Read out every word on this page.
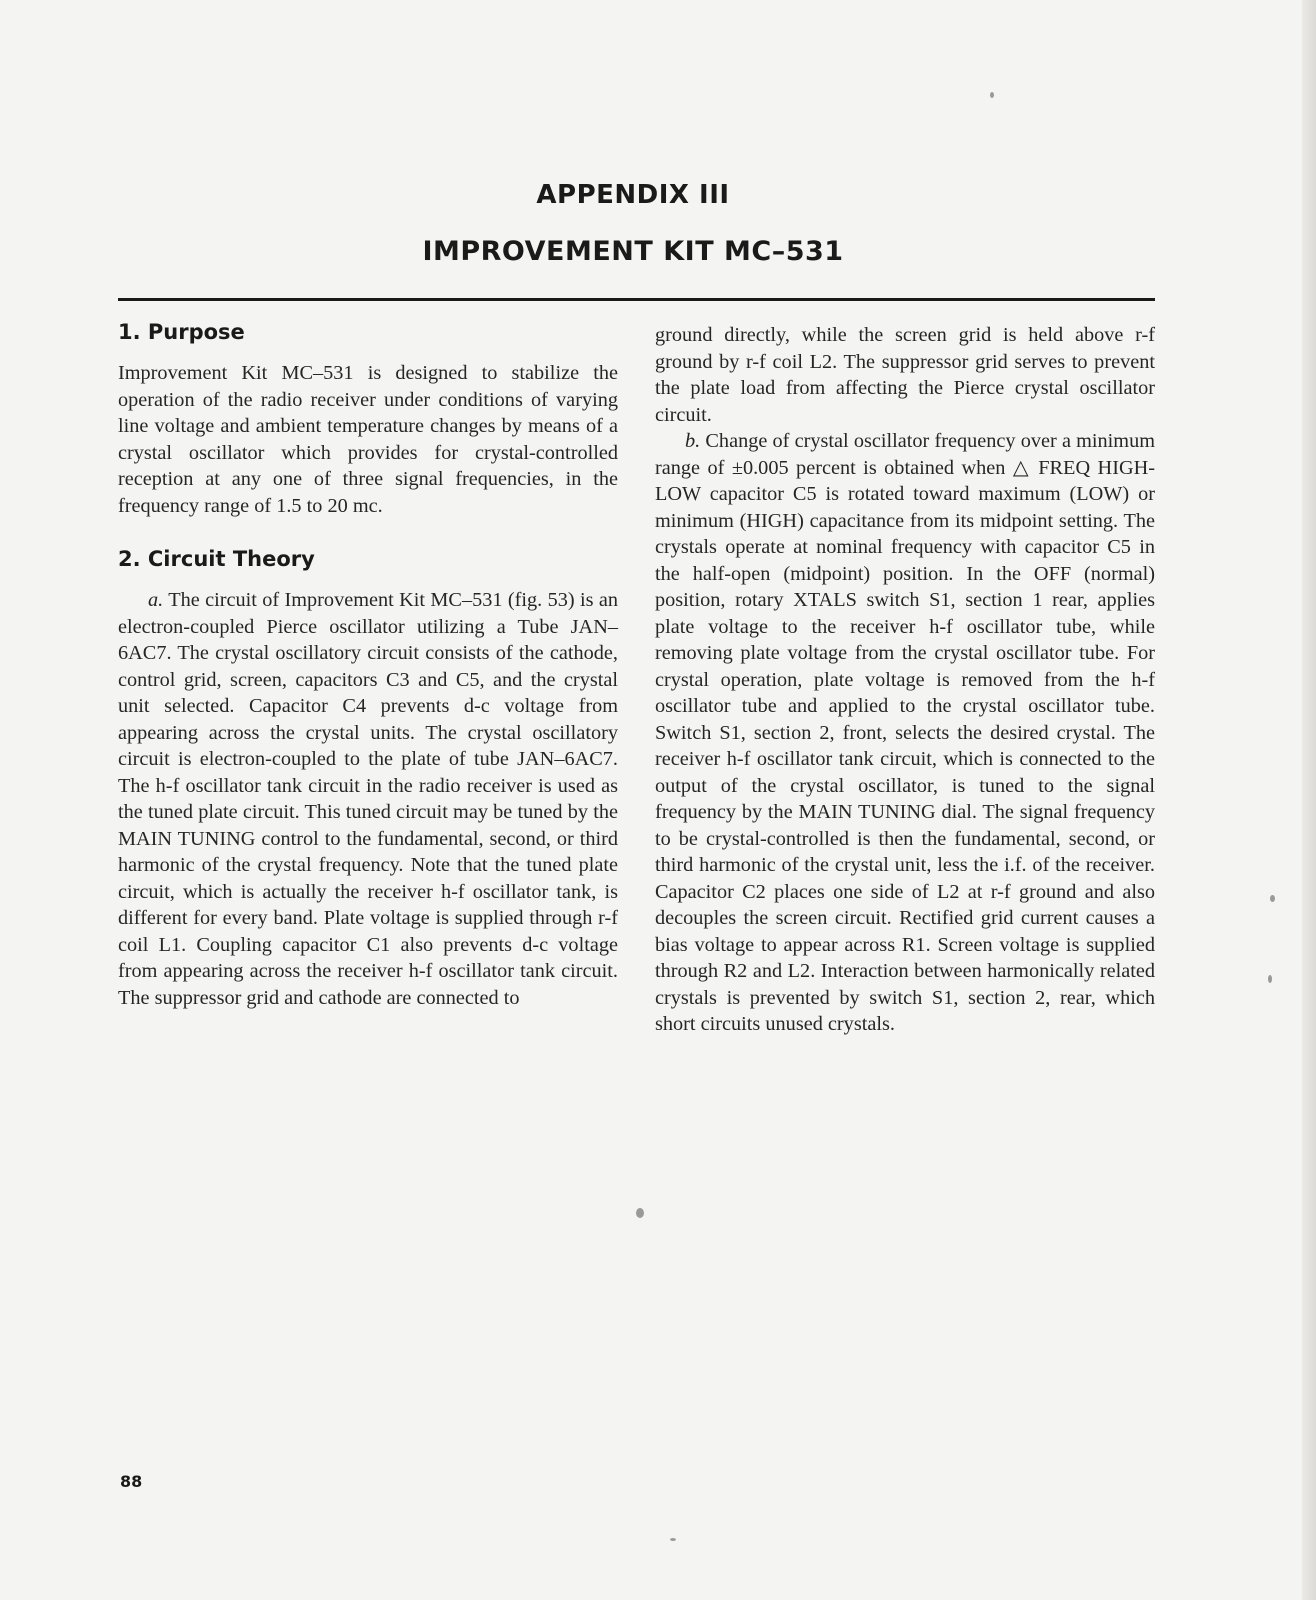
APPENDIX III
IMPROVEMENT KIT MC–531
1. Purpose

Improvement Kit MC–531 is designed to stabilize the operation of the radio receiver under conditions of varying line voltage and ambient temperature changes by means of a crystal oscillator which provides for crystal-controlled reception at any one of three signal frequencies, in the frequency range of 1.5 to 20 mc.

2. Circuit Theory

a. The circuit of Improvement Kit MC–531 (fig. 53) is an electron-coupled Pierce oscillator utilizing a Tube JAN–6AC7. The crystal oscillatory circuit consists of the cathode, control grid, screen, capacitors C3 and C5, and the crystal unit selected. Capacitor C4 prevents d-c voltage from appearing across the crystal units. The crystal oscillatory circuit is electron-coupled to the plate of tube JAN–6AC7. The h-f oscillator tank circuit in the radio receiver is used as the tuned plate circuit. This tuned circuit may be tuned by the MAIN TUNING control to the fundamental, second, or third harmonic of the crystal frequency. Note that the tuned plate circuit, which is actually the receiver h-f oscillator tank, is different for every band. Plate voltage is supplied through r-f coil L1. Coupling capacitor C1 also prevents d-c voltage from appearing across the receiver h-f oscillator tank circuit. The suppressor grid and cathode are connected to

ground directly, while the screen grid is held above r-f ground by r-f coil L2. The suppressor grid serves to prevent the plate load from affecting the Pierce crystal oscillator circuit.

b. Change of crystal oscillator frequency over a minimum range of ±0.005 percent is obtained when △ FREQ HIGH-LOW capacitor C5 is rotated toward maximum (LOW) or minimum (HIGH) capacitance from its midpoint setting. The crystals operate at nominal frequency with capacitor C5 in the half-open (midpoint) position. In the OFF (normal) position, rotary XTALS switch S1, section 1 rear, applies plate voltage to the receiver h-f oscillator tube, while removing plate voltage from the crystal oscillator tube. For crystal operation, plate voltage is removed from the h-f oscillator tube and applied to the crystal oscillator tube. Switch S1, section 2, front, selects the desired crystal. The receiver h-f oscillator tank circuit, which is connected to the output of the crystal oscillator, is tuned to the signal frequency by the MAIN TUNING dial. The signal frequency to be crystal-controlled is then the fundamental, second, or third harmonic of the crystal unit, less the i.f. of the receiver. Capacitor C2 places one side of L2 at r-f ground and also decouples the screen circuit. Rectified grid current causes a bias voltage to appear across R1. Screen voltage is supplied through R2 and L2. Interaction between harmonically related crystals is prevented by switch S1, section 2, rear, which short circuits unused crystals.

88
